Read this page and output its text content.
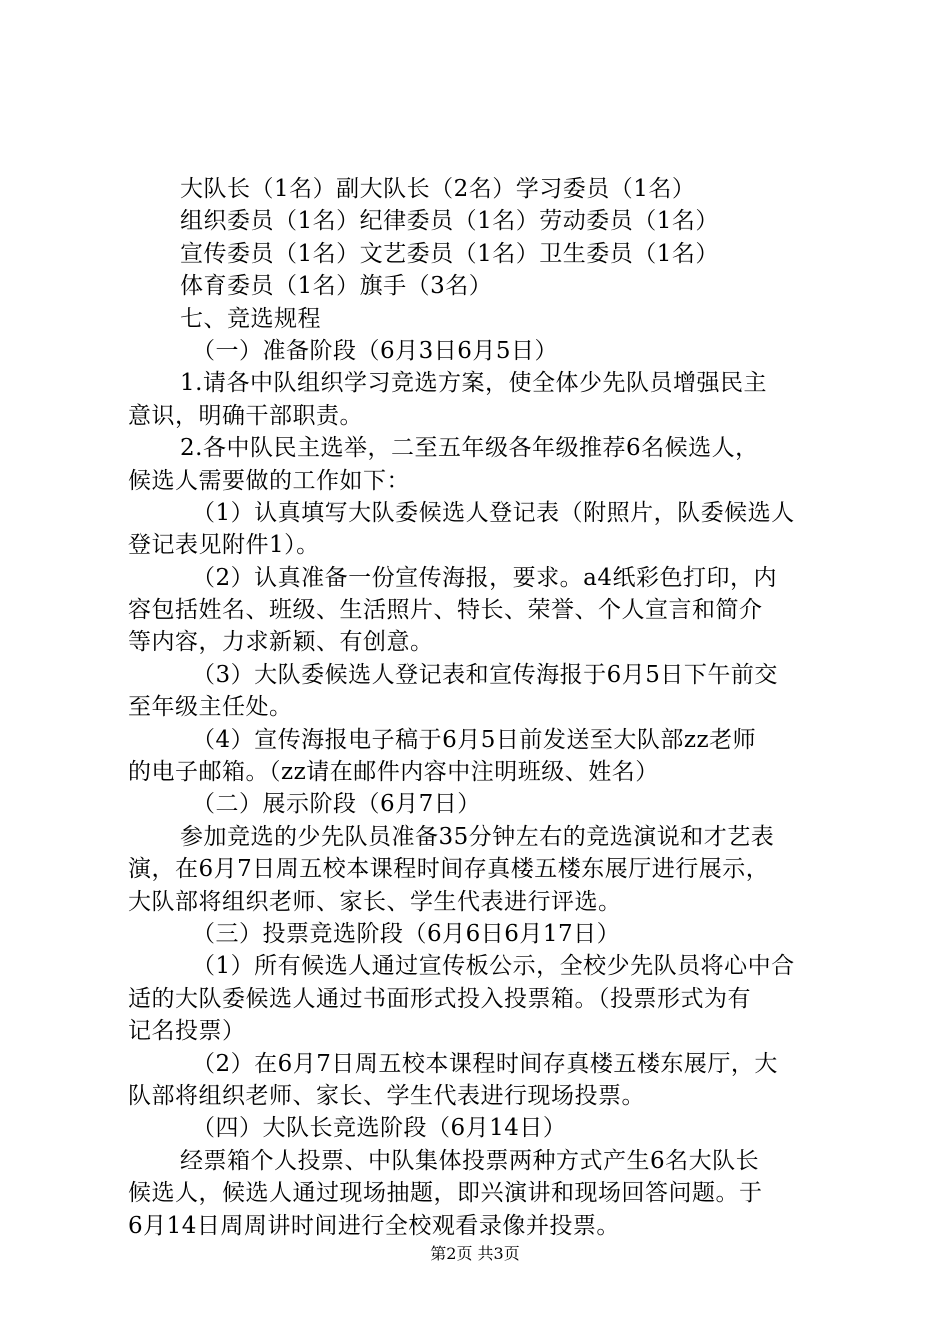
大队长（1名）副大队长（2名）学习委员（1名）
组织委员（1名）纪律委员（1名）劳动委员（1名）
宣传委员（1名）文艺委员（1名）卫生委员（1名）
体育委员（1名）旗手（3名）
七、竞选规程
（一）准备阶段（6月3日6月5日）
1.请各中队组织学习竞选方案，使全体少先队员增强民主
意识，明确干部职责。
2.各中队民主选举，二至五年级各年级推荐6名候选人，
候选人需要做的工作如下：
（1）认真填写大队委候选人登记表（附照片，队委候选人
登记表见附件1）。
（2）认真准备一份宣传海报，要求。a4纸彩色打印，内
容包括姓名、班级、生活照片、特长、荣誉、个人宣言和简介
等内容，力求新颖、有创意。
（3）大队委候选人登记表和宣传海报于6月5日下午前交
至年级主任处。
（4）宣传海报电子稿于6月5日前发送至大队部zz老师
的电子邮箱。（zz请在邮件内容中注明班级、姓名）
（二）展示阶段（6月7日）
参加竞选的少先队员准备35分钟左右的竞选演说和才艺表
演，在6月7日周五校本课程时间存真楼五楼东展厅进行展示，
大队部将组织老师、家长、学生代表进行评选。
（三）投票竞选阶段（6月6日6月17日）
（1）所有候选人通过宣传板公示，全校少先队员将心中合
适的大队委候选人通过书面形式投入投票箱。（投票形式为有
记名投票）
（2）在6月7日周五校本课程时间存真楼五楼东展厅，大
队部将组织老师、家长、学生代表进行现场投票。
（四）大队长竞选阶段（6月14日）
经票箱个人投票、中队集体投票两种方式产生6名大队长
候选人，候选人通过现场抽题，即兴演讲和现场回答问题。于
6月14日周周讲时间进行全校观看录像并投票。
第2页 共3页
